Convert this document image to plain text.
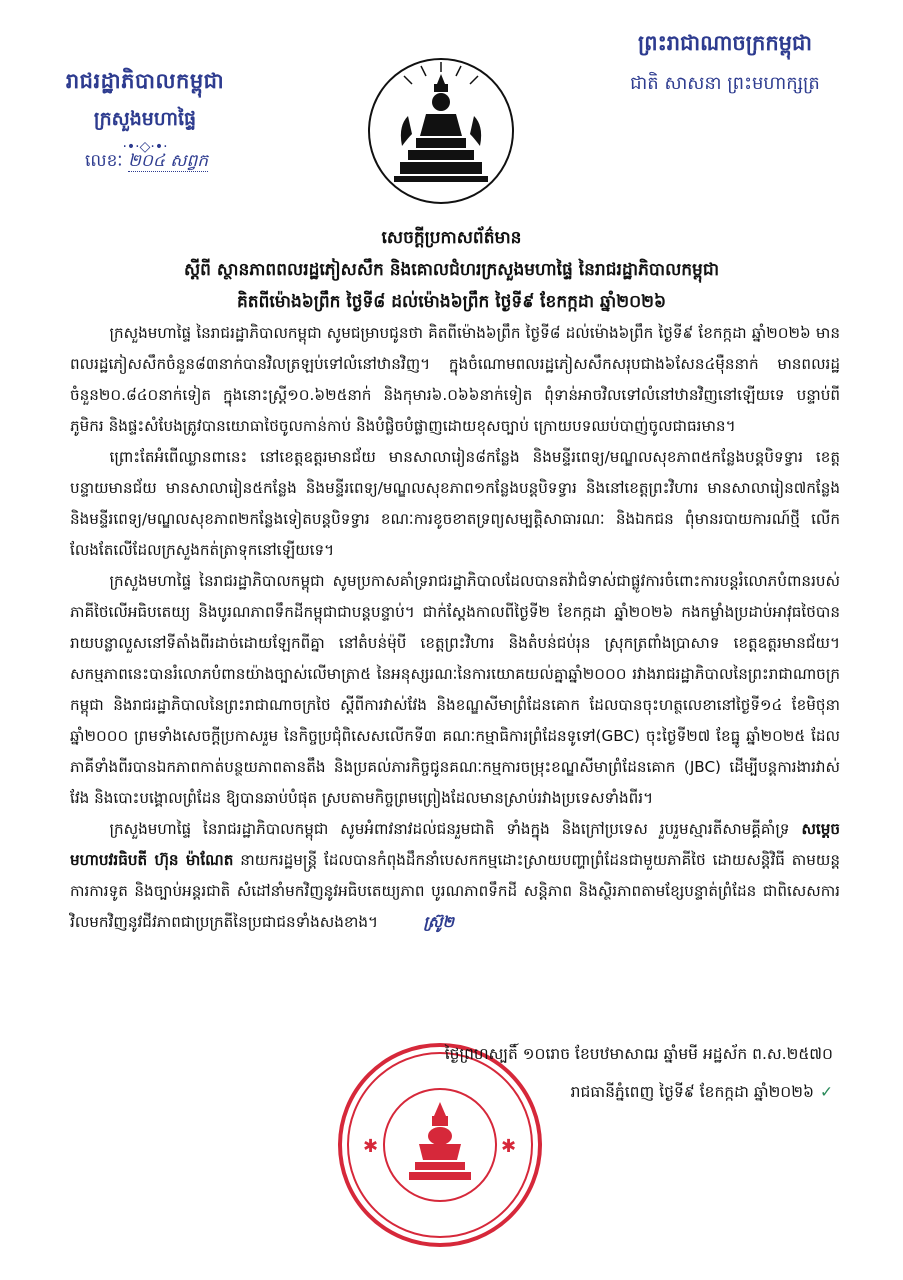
រាជរដ្ឋាភិបាលកម្ពុជា
ក្រសួងមហាផ្ទៃ
·•·◇·•·
លេខៈ ២០៤ សព្វក
ព្រះរាជាណាចក្រកម្ពុជា
ជាតិ សាសនា ព្រះមហាក្សត្រ
សេចក្ដីប្រកាសព័ត៌មាន
ស្ដីពី ស្ថានភាពពលរដ្ឋភៀសសឹក និងគោលជំហរក្រសួងមហាផ្ទៃ នៃរាជរដ្ឋាភិបាលកម្ពុជា
គិតពីម៉ោង៦ព្រឹក ថ្ងៃទី៨ ដល់ម៉ោង៦ព្រឹក ថ្ងៃទី៩ ខែកក្កដា ឆ្នាំ២០២៦

ក្រសួងមហាផ្ទៃ នៃរាជរដ្ឋាភិបាលកម្ពុជា សូមជម្រាបជូនថា គិតពីម៉ោង៦ព្រឹក ថ្ងៃទី៨ ដល់ម៉ោង៦ព្រឹក ថ្ងៃទី៩ ខែកក្កដា ឆ្នាំ២០២៦ មានពលរដ្ឋភៀសសឹកចំនួន៨៣នាក់បានវិលត្រឡប់ទៅលំនៅឋានវិញ។ ក្នុងចំណោមពលរដ្ឋភៀសសឹកសរុបជាង៦សែន៤ម៉ឺននាក់ មានពលរដ្ឋចំនួន២០.៨៤០នាក់ទៀត ក្នុងនោះស្ត្រី១០.៦២៥នាក់ និងកុមារ៦.០៦៦នាក់ទៀត ពុំទាន់អាចវិលទៅលំនៅឋានវិញនៅឡើយទេ បន្ទាប់ពីភូមិករ និងផ្ទះសំបែងត្រូវបានយោធាថៃចូលកាន់កាប់ និងបំផ្លិចបំផ្លាញដោយខុសច្បាប់ ក្រោយបទឈប់បាញ់ចូលជាធរមាន។

ព្រោះតែអំពើឈ្លានពានេះ នៅខេត្តឧត្តរមានជ័យ មានសាលារៀន៨កន្លែង និងមន្ទីរពេទ្យ/មណ្ឌលសុខភាព៥កន្លែងបន្តបិទទ្វារ ខេត្តបន្ទាយមានជ័យ មានសាលារៀន៥កន្លែង និងមន្ទីរពេទ្យ/មណ្ឌលសុខភាព១កន្លែងបន្តបិទទ្វារ និងនៅខេត្តព្រះវិហារ មានសាលារៀន៧កន្លែង និងមន្ទីរពេទ្យ/មណ្ឌលសុខភាព២កន្លែងទៀតបន្តបិទទ្វារ ខណៈការខូចខាតទ្រព្យសម្បត្តិសាធារណៈ និងឯកជន ពុំមានរបាយការណ៍ថ្មី លើកលែងតែលើដែលក្រសួងកត់ត្រាទុកនៅឡើយទេ។

ក្រសួងមហាផ្ទៃ នៃរាជរដ្ឋាភិបាលកម្ពុជា សូមប្រកាសគាំទ្ររាជរដ្ឋាភិបាលដែលបានតវ៉ាជំទាស់ជាផ្លូវការចំពោះការបន្តរំលោភបំពានរបស់ភាគីថៃលើអធិបតេយ្យ និងបូរណភាពទឹកដីកម្ពុជាជាបន្តបន្ទាប់។ ជាក់ស្ដែងកាលពីថ្ងៃទី២ ខែកក្កដា ឆ្នាំ២០២៦ កងកម្លាំងប្រដាប់អាវុធថៃបានរាយបន្លាលួសនៅទីតាំងពីរដាច់ដោយឡែកពីគ្នា នៅតំបន់ម៉ុបី ខេត្តព្រះវិហារ និងតំបន់ជប់រុន ស្រុកត្រពាំងប្រាសាទ ខេត្តឧត្តរមានជ័យ។ សកម្មភាពនេះបានរំលោភបំពានយ៉ាងច្បាស់លើមាត្រា៥ នៃអនុស្សរណៈនៃការយោគយល់គ្នាឆ្នាំ២០០០ រវាងរាជរដ្ឋាភិបាលនៃព្រះរាជាណាចក្រកម្ពុជា និងរាជរដ្ឋាភិបាលនៃព្រះរាជាណាចក្រថៃ ស្ដីពីការវាស់វែង និងខណ្ឌសីមាព្រំដែនគោក ដែលបានចុះហត្ថលេខានៅថ្ងៃទី១៤ ខែមិថុនា ឆ្នាំ២០០០ ព្រមទាំងសេចក្ដីប្រកាសរួម នៃកិច្ចប្រជុំពិសេសលើកទី៣ គណៈកម្មាធិការព្រំដែនទូទៅ(GBC) ចុះថ្ងៃទី២៧ ខែធ្នូ ឆ្នាំ២០២៥ ដែលភាគីទាំងពីរបានឯកភាពកាត់បន្ថយភាពតានតឹង និងប្រគល់ភារកិច្ចជូនគណៈកម្មការចម្រុះខណ្ឌសីមាព្រំដែនគោក (JBC) ដើម្បីបន្តការងារវាស់វែង និងបោះបង្គោលព្រំដែន ឱ្យបានឆាប់បំផុត ស្របតាមកិច្ចព្រមព្រៀងដែលមានស្រាប់រវាងប្រទេសទាំងពីរ។

ក្រសួងមហាផ្ទៃ នៃរាជរដ្ឋាភិបាលកម្ពុជា សូមអំពាវនាវដល់ជនរួមជាតិ ទាំងក្នុង និងក្រៅប្រទេស រួបរួមស្មារតីសាមគ្គីគាំទ្រ សម្ដេចមហាបវរធិបតី ហ៊ុន ម៉ាណែត នាយករដ្ឋមន្ត្រី ដែលបានកំពុងដឹកនាំបេសកកម្មដោះស្រាយបញ្ហាព្រំដែនជាមួយភាគីថៃ ដោយសន្តិវិធី តាមយន្តការការទូត និងច្បាប់អន្តរជាតិ សំដៅនាំមកវិញនូវអធិបតេយ្យភាព បូរណភាពទឹកដី សន្តិភាព និងស្ថិរភាពតាមខ្សែបន្ទាត់ព្រំដែន ជាពិសេសការវិលមកវិញនូវជីវភាពជាប្រក្រតីនៃប្រជាជនទាំងសងខាង។	ស្រ៊ូ២

✱	✱
ថ្ងៃព្រហស្បតិ៍ ១០រោច ខែបឋមាសាឍ ឆ្នាំមមី អដ្ឋស័ក ព.ស.២៥៧០
រាជធានីភ្នំពេញ ថ្ងៃទី៩ ខែកក្កដា ឆ្នាំ២០២៦ ✓
